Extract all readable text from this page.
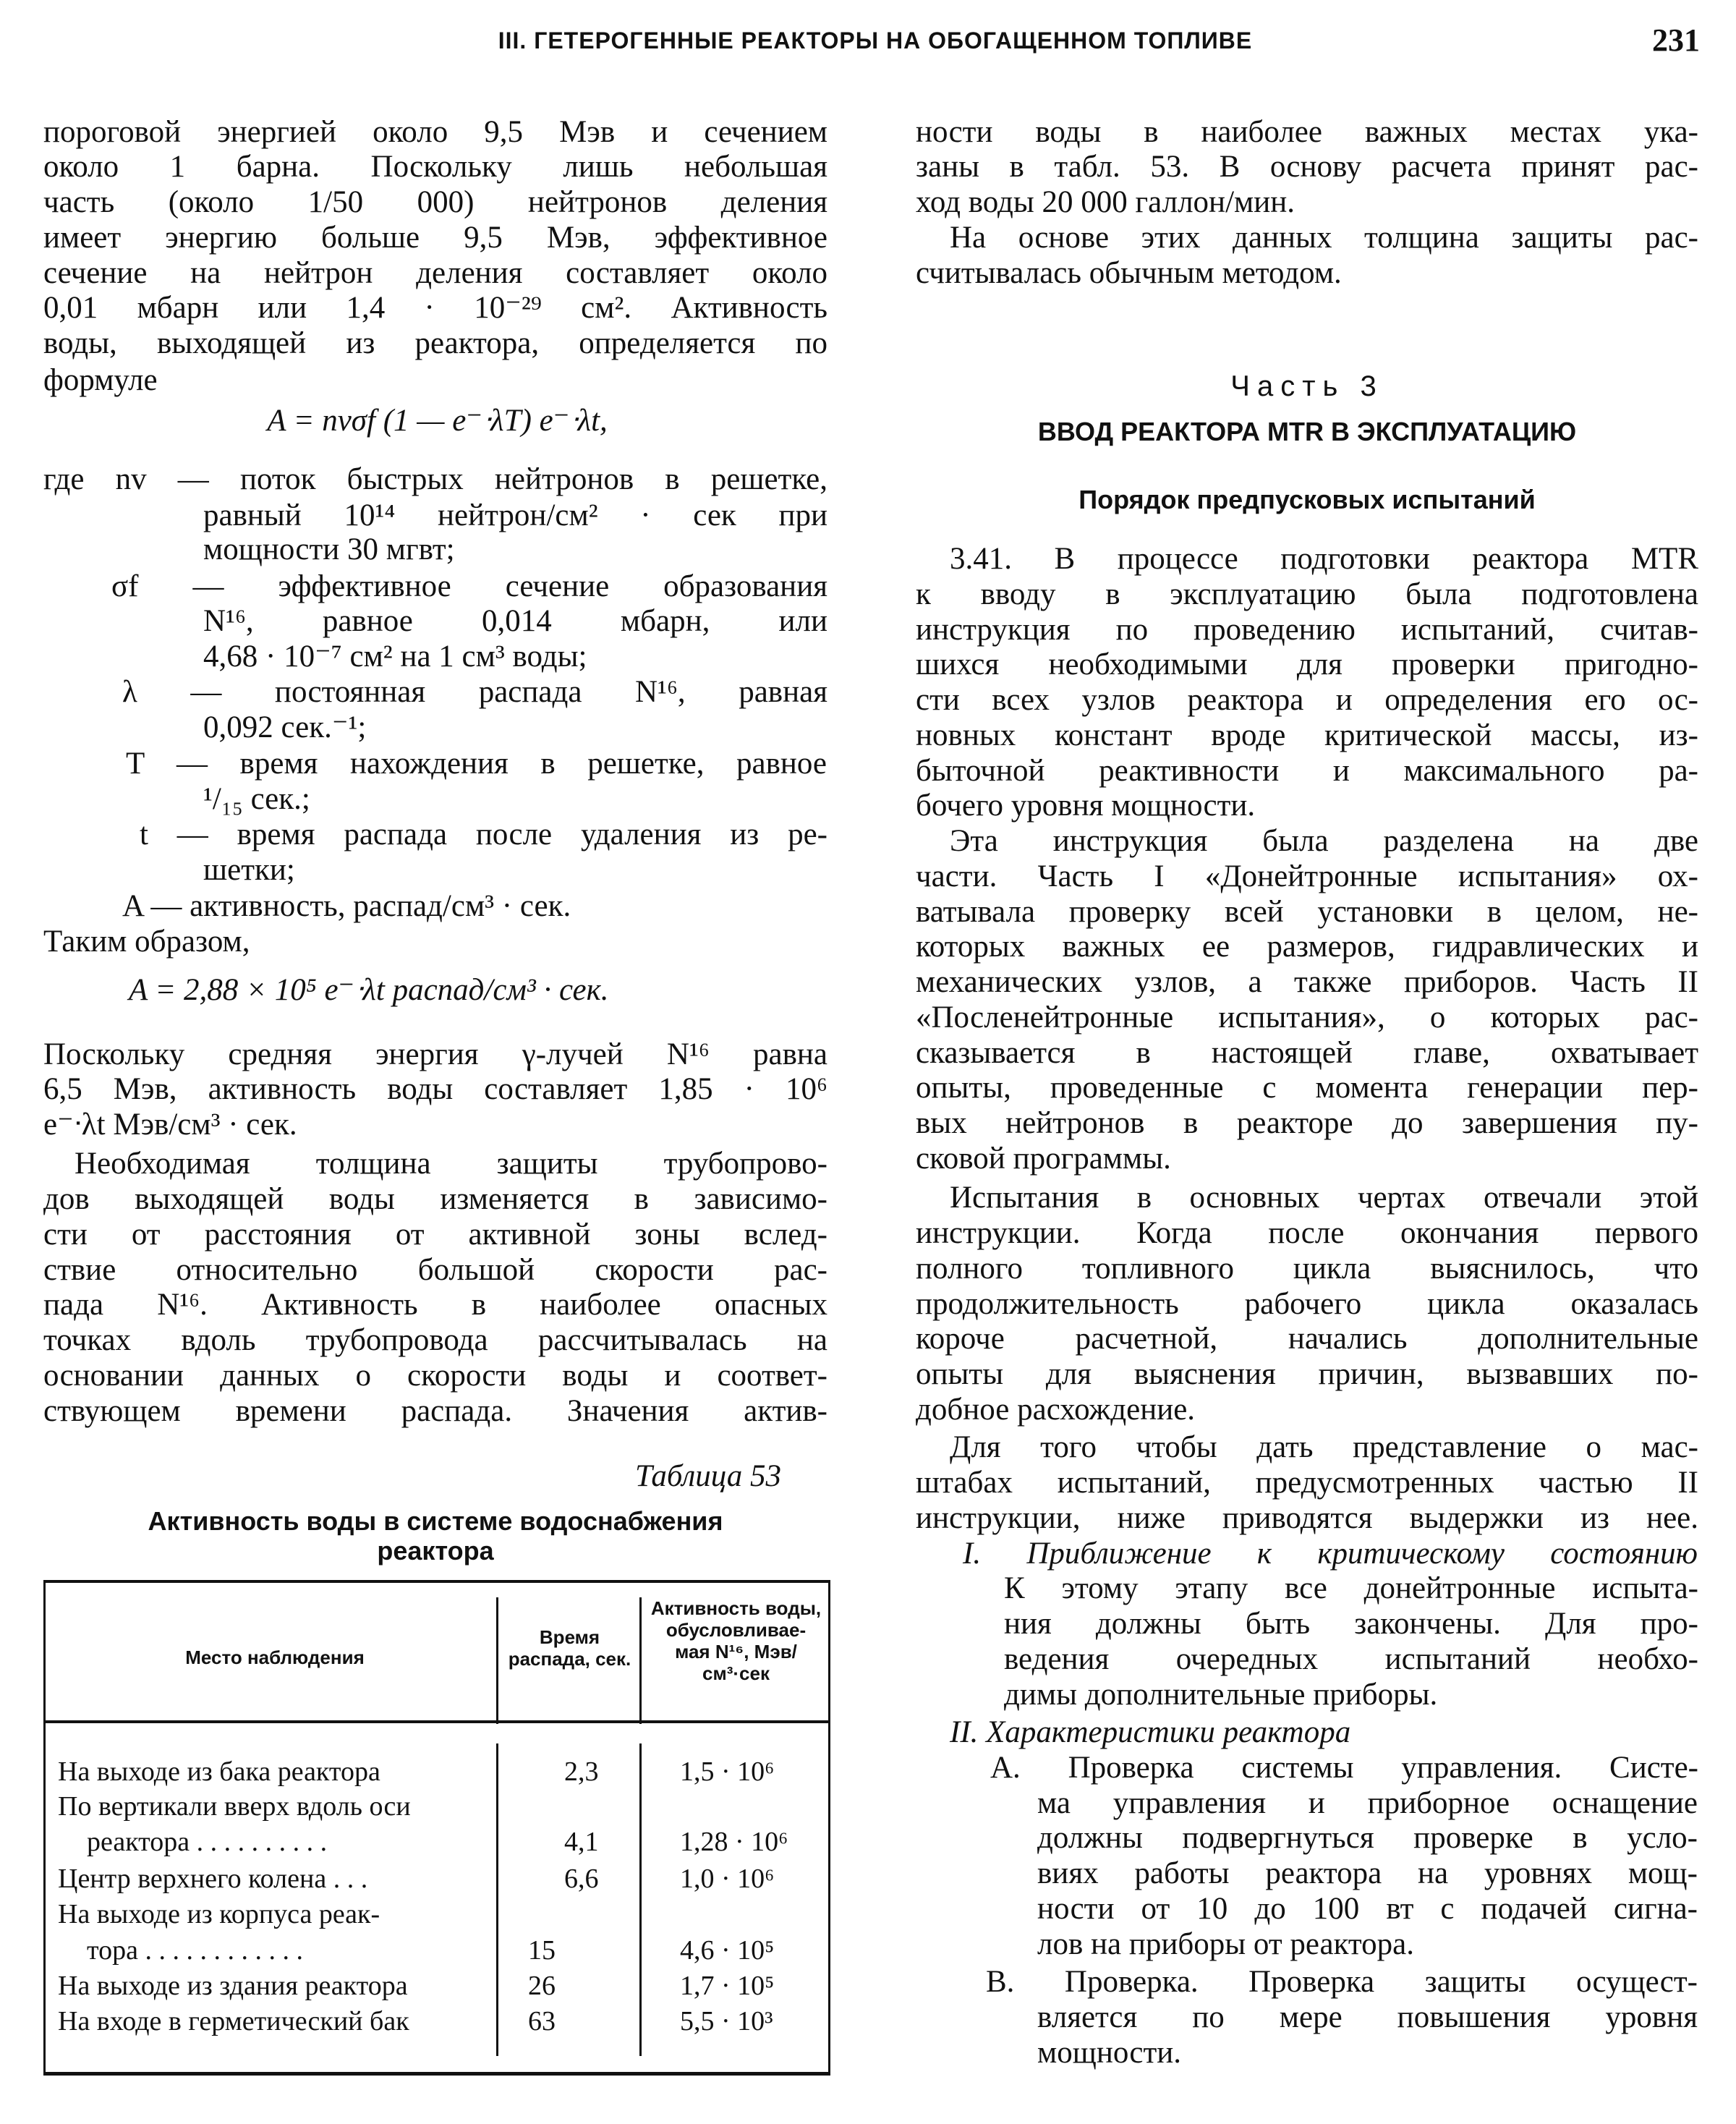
III. ГЕТЕРОГЕННЫЕ РЕАКТОРЫ НА ОБОГАЩЕННОМ ТОПЛИВЕ	231
пороговой энергией около 9,5 Мэв и сечением
около 1 барна. Поскольку лишь небольшая
часть (около 1/50 000) нейтронов деления
имеет энергию больше 9,5 Мэв, эффективное
сечение на нейтрон деления составляет около
0,01 мбарн или 1,4 · 10⁻²⁹ см². Активность
воды, выходящей из реактора, определяется по
формуле
A = nvσf (1 — e⁻ᐧλT) e⁻ᐧλt,
где nv — поток быстрых нейтронов в решетке,
равный 10¹⁴ нейтрон/см² · сек при
мощности 30 мгвт;
σf — эффективное сечение образования
N¹⁶, равное 0,014 мбарн, или
4,68 · 10⁻⁷ см² на 1 см³ воды;
λ — постоянная распада N¹⁶, равная
0,092 сек.⁻¹;
T — время нахождения в решетке, равное
¹/₁₅ сек.;
t — время распада после удаления из ре-
шетки;
A — активность, распад/см³ · сек.
Таким образом,
A = 2,88 × 10⁵ e⁻ᐧλt распад/см³ · сек.
Поскольку средняя энергия γ-лучей N¹⁶ равна
6,5 Мэв, активность воды составляет 1,85 · 10⁶
e⁻ᐧλt Мэв/см³ · сек.
Необходимая толщина защиты трубопрово-
дов выходящей воды изменяется в зависимо-
сти от расстояния от активной зоны вслед-
ствие относительно большой скорости рас-
пада N¹⁶. Активность в наиболее опасных
точках вдоль трубопровода рассчитывалась на
основании данных о скорости воды и соответ-
ствующем времени распада. Значения актив-
Таблица 53
Активность воды в системе водоснабжения
реактора
ности воды в наиболее важных местах ука-
заны в табл. 53. В основу расчета принят рас-
ход воды 20 000 галлон/мин.
На основе этих данных толщина защиты рас-
считывалась обычным методом.
Часть 3
ВВОД РЕАКТОРА MTR В ЭКСПЛУАТАЦИЮ
Порядок предпусковых испытаний
3.41. В процессе подготовки реактора MTR
к вводу в эксплуатацию была подготовлена
инструкция по проведению испытаний, считав-
шихся необходимыми для проверки пригодно-
сти всех узлов реактора и определения его ос-
новных констант вроде критической массы, из-
быточной реактивности и максимального ра-
бочего уровня мощности.
Эта инструкция была разделена на две
части. Часть I «Донейтронные испытания» ох-
ватывала проверку всей установки в целом, не-
которых важных ее размеров, гидравлических и
механических узлов, а также приборов. Часть II
«Посленейтронные испытания», о которых рас-
сказывается в настоящей главе, охватывает
опыты, проведенные с момента генерации пер-
вых нейтронов в реакторе до завершения пу-
сковой программы.
Испытания в основных чертах отвечали этой
инструкции. Когда после окончания первого
полного топливного цикла выяснилось, что
продолжительность рабочего цикла оказалась
короче расчетной, начались дополнительные
опыты для выяснения причин, вызвавших по-
добное расхождение.
Для того чтобы дать представление о мас-
штабах испытаний, предусмотренных частью II
инструкции, ниже приводятся выдержки из нее.
I. Приближение к критическому состоянию
К этому этапу все донейтронные испыта-
ния должны быть закончены. Для про-
ведения очередных испытаний необхо-
димы дополнительные приборы.
II. Характеристики реактора
А. Проверка системы управления. Систе-
ма управления и приборное оснащение
должны подвергнуться проверке в усло-
виях работы реактора на уровнях мощ-
ности от 10 до 100 вт с подачей сигна-
лов на приборы от реактора.
В. Проверка. Проверка защиты осущест-
вляется по мере повышения уровня
мощности.
Место наблюдения
Время распада, сек.
Активность воды, обусловливае- мая N¹⁶, Мэв/см³·сек
На выходе из бака реактора	2,3	1,5 · 10⁶
По вертикали вверх вдоль оси
реактора . . . . . . . . . .	4,1	1,28 · 10⁶
Центр верхнего колена . . .	6,6	1,0 · 10⁶
На выходе из корпуса реак-
тора . . . . . . . . . . . .	15	4,6 · 10⁵
На выходе из здания реактора	26	1,7 · 10⁵
На входе в герметический бак	63	5,5 · 10³
